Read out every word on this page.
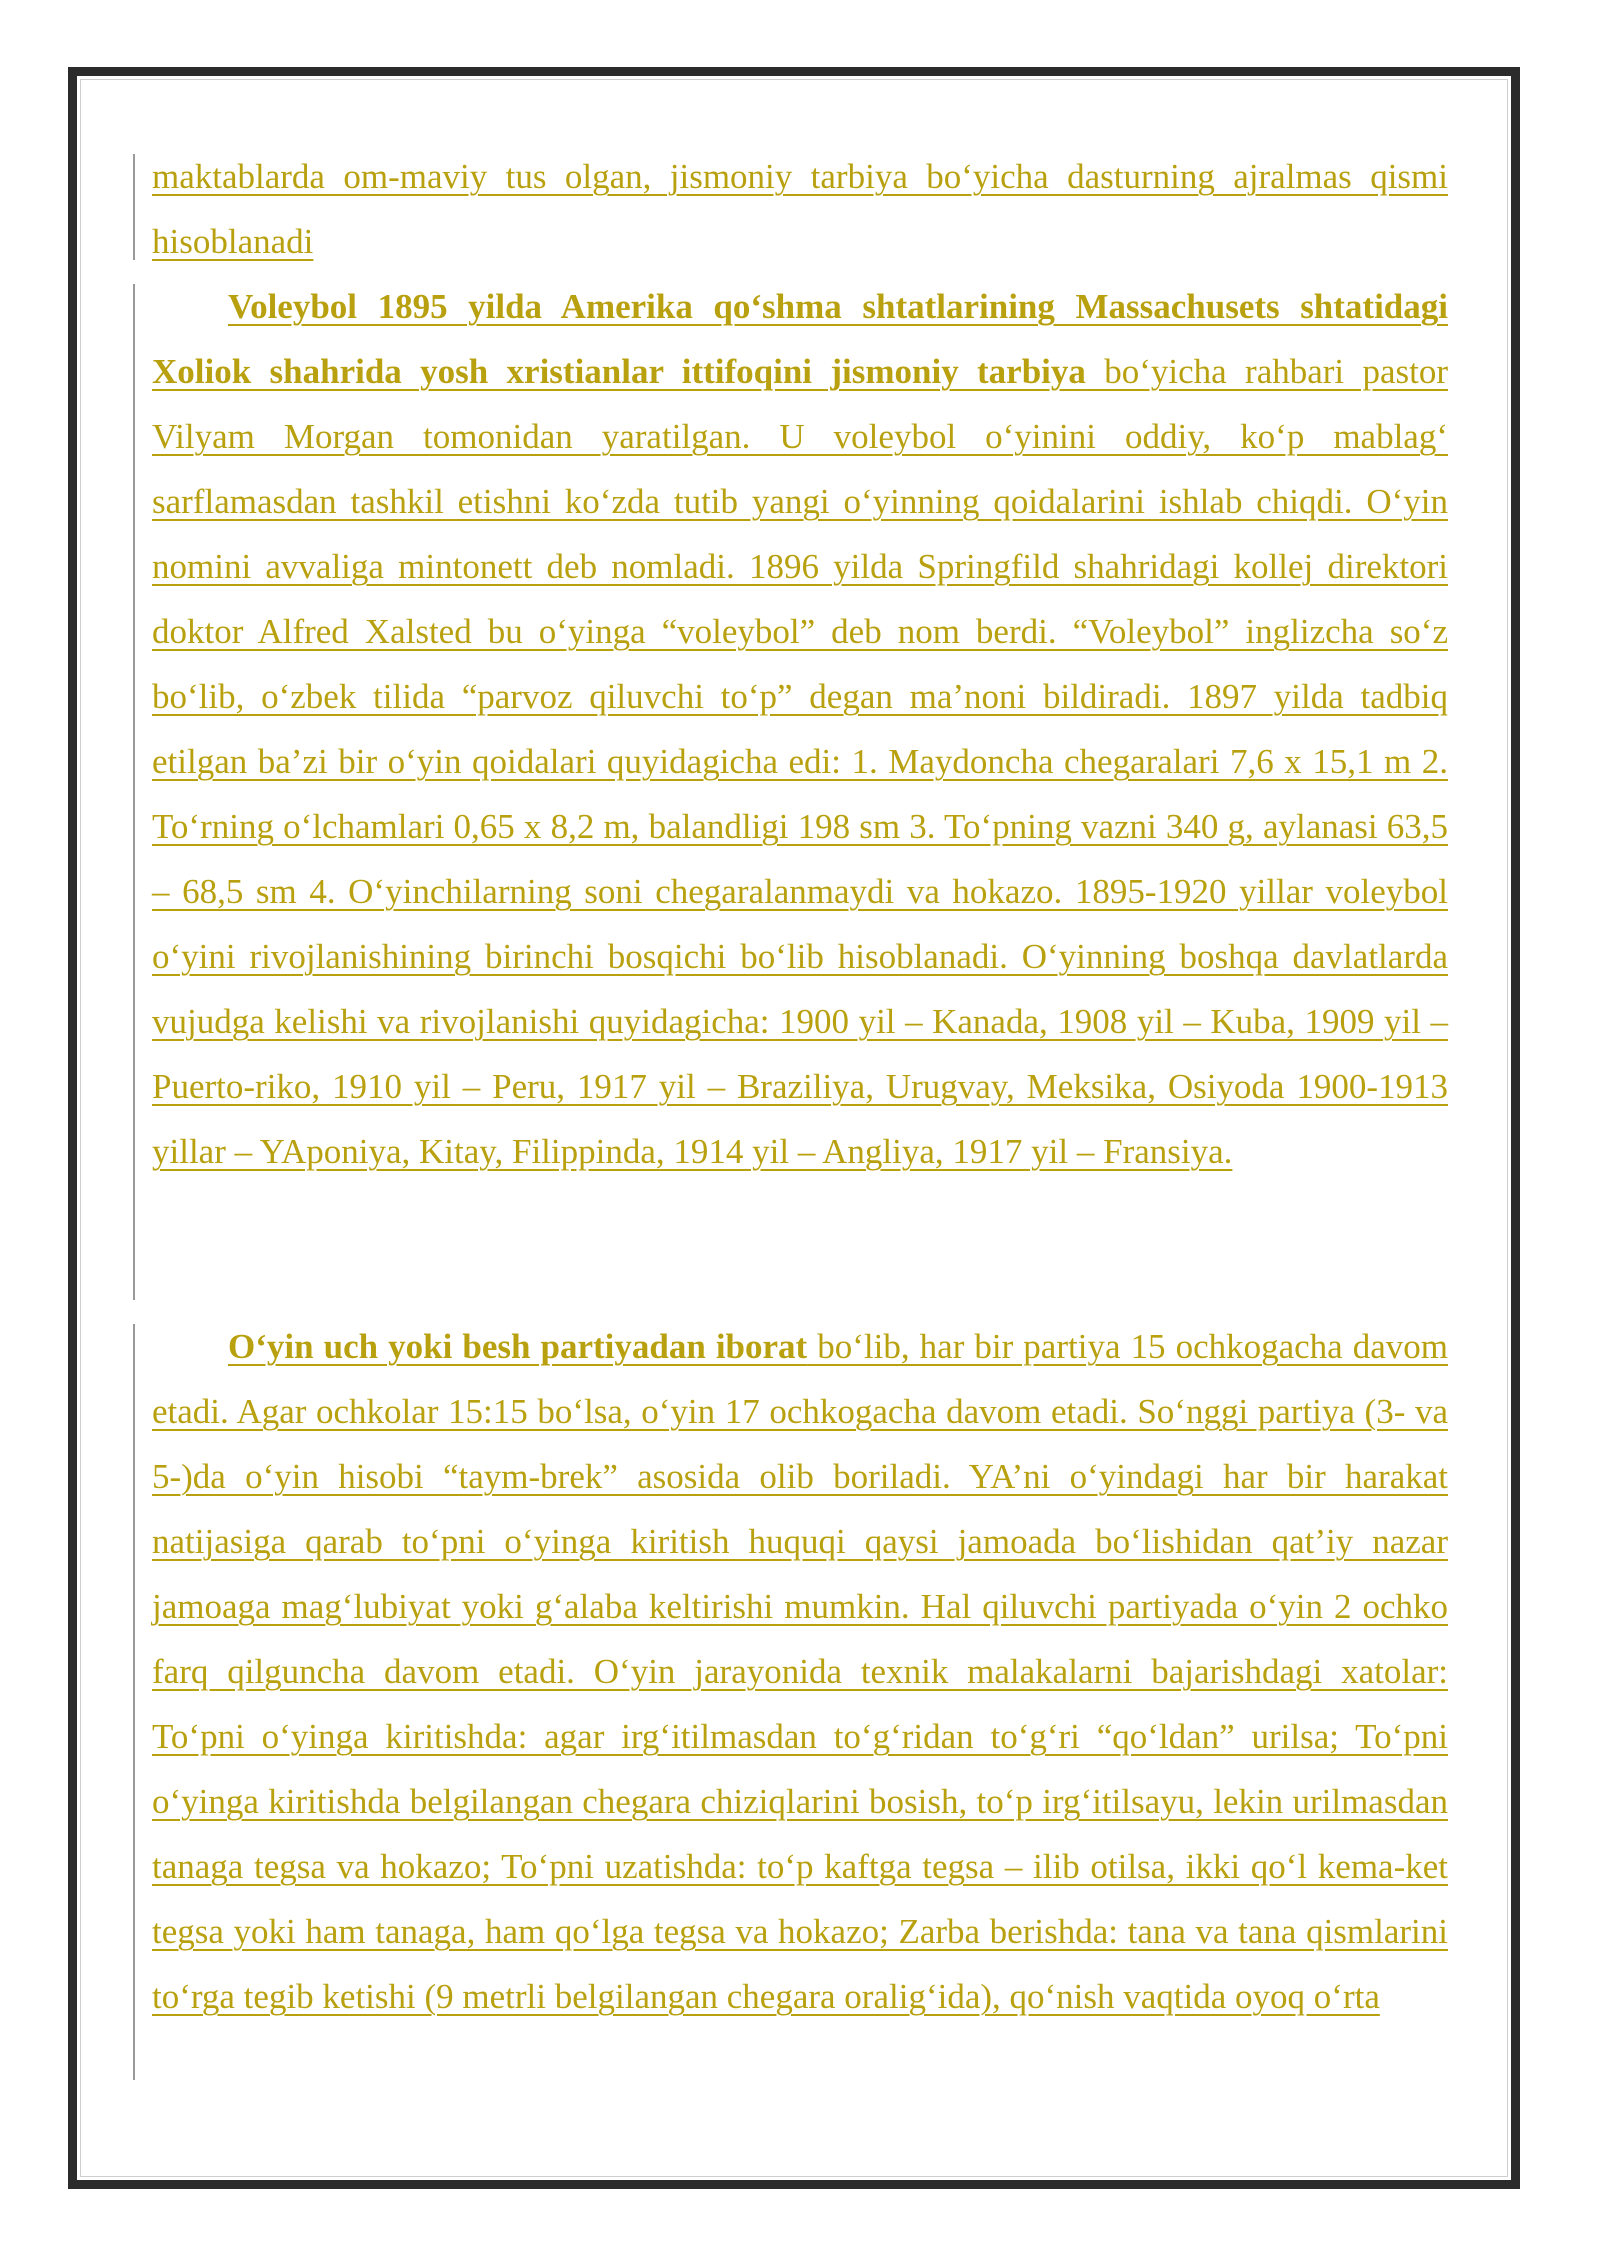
maktablarda om-maviy tus olgan, jismoniy tarbiya bo‘yicha dasturning ajralmas qismi hisoblanadi
Voleybol 1895 yilda Amerika qo‘shma shtatlarining Massachusets shtatidagi Xoliok shahrida yosh xristianlar ittifoqini jismoniy tarbiya bo‘yicha rahbari pastor Vilyam Morgan tomonidan yaratilgan. U voleybol o‘yinini oddiy, ko‘p mablag‘ sarflamasdan tashkil etishni ko‘zda tutib yangi o‘yinning qoidalarini ishlab chiqdi. O‘yin nomini avvaliga mintonett deb nomladi. 1896 yilda Springfild shahridagi kollej direktori doktor Alfred Xalsted bu o‘yinga “voleybol” deb nom berdi. “Voleybol” inglizcha so‘z bo‘lib, o‘zbek tilida “parvoz qiluvchi to‘p” degan ma’noni bildiradi. 1897 yilda tadbiq etilgan ba’zi bir o‘yin qoidalari quyidagicha edi: 1. Maydoncha chegaralari 7,6 x 15,1 m 2. To‘rning o‘lchamlari 0,65 x 8,2 m, balandligi 198 sm 3. To‘pning vazni 340 g, aylanasi 63,5 – 68,5 sm 4. O‘yinchilarning soni chegaralanmaydi va hokazo. 1895-1920 yillar voleybol o‘yini rivojlanishining birinchi bosqichi bo‘lib hisoblanadi. O‘yinning boshqa davlatlarda vujudga kelishi va rivojlanishi quyidagicha: 1900 yil – Kanada, 1908 yil – Kuba, 1909 yil – Puerto-riko, 1910 yil – Peru, 1917 yil – Braziliya, Urugvay, Meksika, Osiyoda 1900-1913 yillar – YAponiya, Kitay, Filippinda, 1914 yil – Angliya, 1917 yil – Fransiya.
O‘yin uch yoki besh partiyadan iborat bo‘lib, har bir partiya 15 ochkogacha davom etadi. Agar ochkolar 15:15 bo‘lsa, o‘yin 17 ochkogacha davom etadi. So‘nggi partiya (3- va 5-)da o‘yin hisobi “taym-brek” asosida olib boriladi. YA’ni o‘yindagi har bir harakat natijasiga qarab to‘pni o‘yinga kiritish huquqi qaysi jamoada bo‘lishidan qat’iy nazar jamoaga mag‘lubiyat yoki g‘alaba keltirishi mumkin. Hal qiluvchi partiyada o‘yin 2 ochko farq qilguncha davom etadi. O‘yin jarayonida texnik malakalarni bajarishdagi xatolar: To‘pni o‘yinga kiritishda: agar irg‘itilmasdan to‘g‘ridan to‘g‘ri “qo‘ldan” urilsa; To‘pni o‘yinga kiritishda belgilangan chegara chiziqlarini bosish, to‘p irg‘itilsayu, lekin urilmasdan tanaga tegsa va hokazo; To‘pni uzatishda: to‘p kaftga tegsa – ilib otilsa, ikki qo‘l kema-ket tegsa yoki ham tanaga, ham qo‘lga tegsa va hokazo; Zarba berishda: tana va tana qismlarini to‘rga tegib ketishi (9 metrli belgilangan chegara oralig‘ida), qo‘nish vaqtida oyoq o‘rta
